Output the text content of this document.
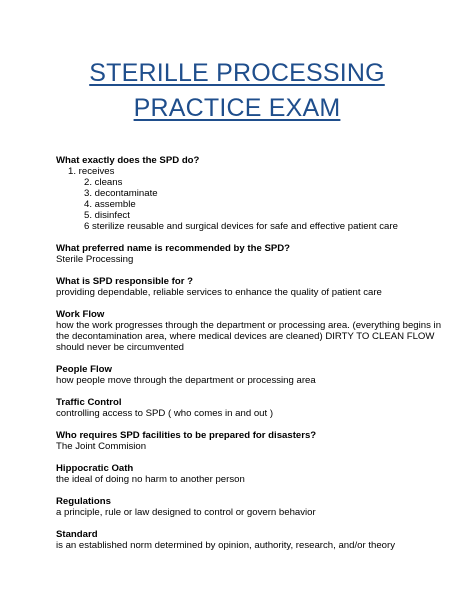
STERILLE PROCESSING
PRACTICE EXAM

What exactly does the SPD do?

1. receives
2. cleans
3. decontaminate
4. assemble
5. disinfect
6 sterilize reusable and surgical devices for safe and effective patient care

What preferred name is recommended by the SPD?

Sterile Processing

What is SPD responsible for ?

providing dependable, reliable services to enhance the quality of patient care

Work Flow

how the work progresses through the department or processing area. (everything begins in the decontamination area, where medical devices are cleaned) DIRTY TO CLEAN FLOW should never be circumvented

People Flow

how people move through the department or processing area

Traffic Control

controlling access to SPD ( who comes in and out )

Who requires SPD facilities to be prepared for disasters?

The Joint Commision

Hippocratic Oath

the ideal of doing no harm to another person

Regulations

a principle, rule or law designed to control or govern behavior

Standard

is an established norm determined by opinion, authority, research, and/or theory
